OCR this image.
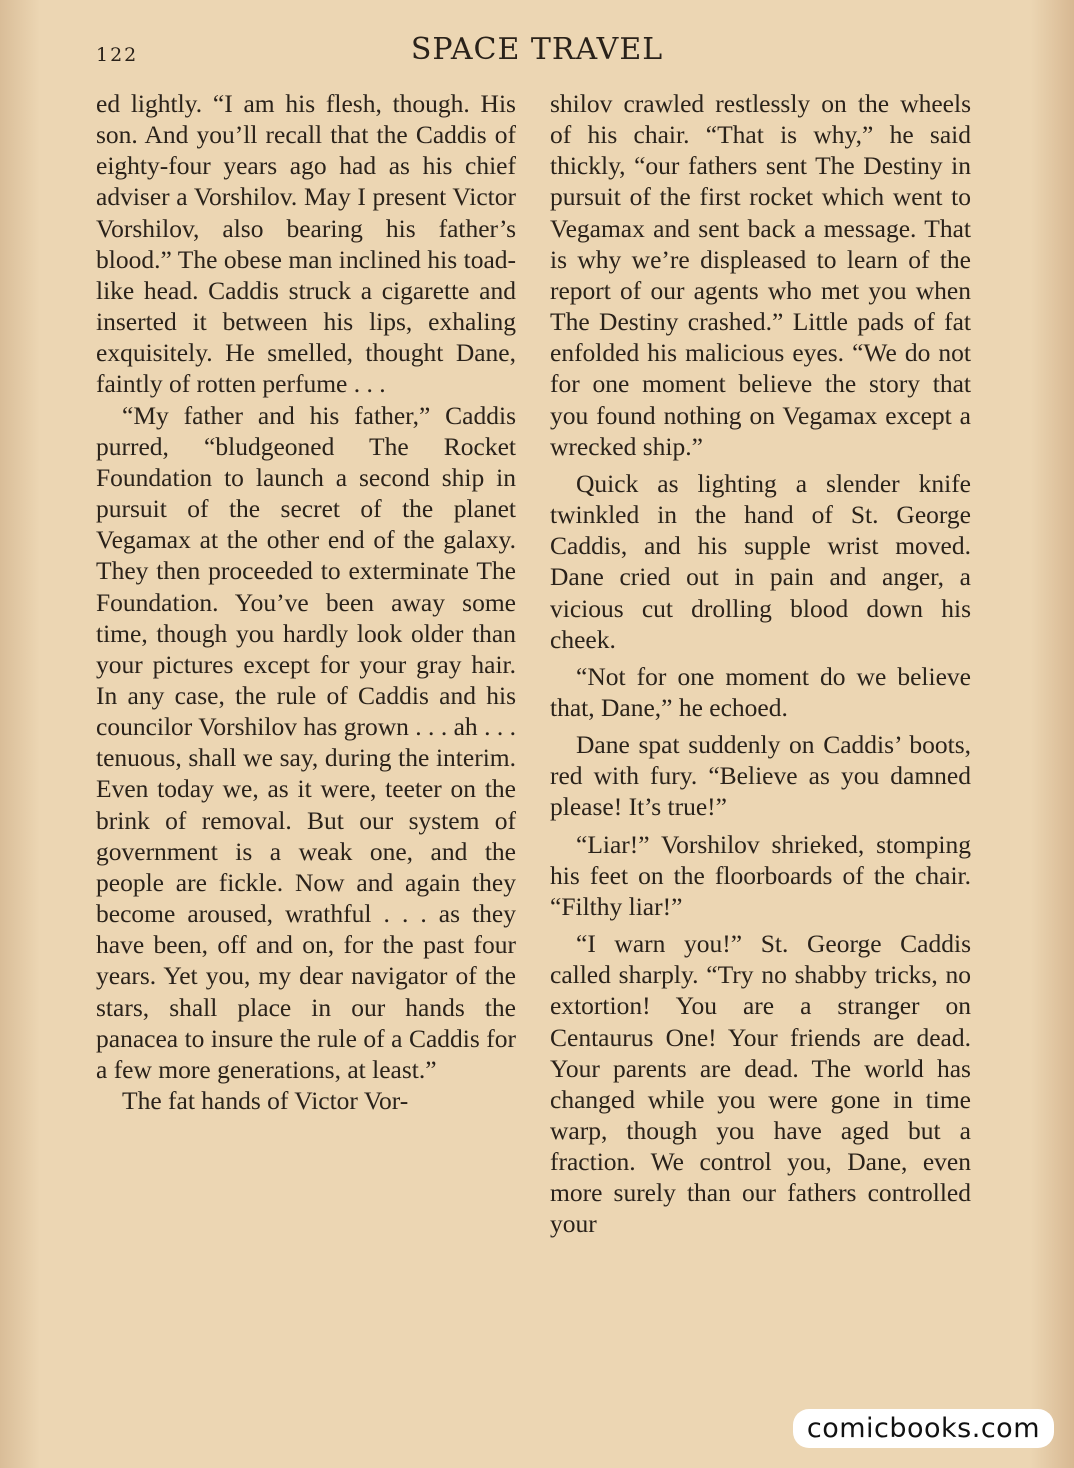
122	SPACE TRAVEL

ed lightly. “I am his flesh, though. His son. And you’ll recall that the Caddis of eighty-four years ago had as his chief adviser a Vorshilov. May I present Victor Vorshilov, also bearing his father’s blood.” The obese man inclined his toad-like head. Caddis struck a cigarette and inserted it between his lips, exhaling exquisitely. He smelled, thought Dane, faintly of rotten perfume . . .

“My father and his father,” Caddis purred, “bludgeoned The Rocket Foundation to launch a second ship in pursuit of the secret of the planet Vegamax at the other end of the galaxy. They then proceeded to exterminate The Foundation. You’ve been away some time, though you hardly look older than your pictures except for your gray hair. In any case, the rule of Caddis and his councilor Vorshilov has grown . . . ah . . . tenuous, shall we say, during the interim. Even today we, as it were, teeter on the brink of removal. But our system of government is a weak one, and the people are fickle. Now and again they become aroused, wrathful . . . as they have been, off and on, for the past four years. Yet you, my dear navigator of the stars, shall place in our hands the panacea to insure the rule of a Caddis for a few more generations, at least.”

The fat hands of Victor Vor-

shilov crawled restlessly on the wheels of his chair. “That is why,” he said thickly, “our fathers sent The Destiny in pursuit of the first rocket which went to Vegamax and sent back a message. That is why we’re displeased to learn of the report of our agents who met you when The Destiny crashed.” Little pads of fat enfolded his malicious eyes. “We do not for one moment believe the story that you found nothing on Vegamax except a wrecked ship.”

Quick as lighting a slender knife twinkled in the hand of St. George Caddis, and his supple wrist moved. Dane cried out in pain and anger, a vicious cut drolling blood down his cheek.

“Not for one moment do we believe that, Dane,” he echoed.

Dane spat suddenly on Caddis’ boots, red with fury. “Believe as you damned please! It’s true!”

“Liar!” Vorshilov shrieked, stomping his feet on the floorboards of the chair. “Filthy liar!”

“I warn you!” St. George Caddis called sharply. “Try no shabby tricks, no extortion! You are a stranger on Centaurus One! Your friends are dead. Your parents are dead. The world has changed while you were gone in time warp, though you have aged but a fraction. We control you, Dane, even more surely than our fathers controlled your

comicbooks.com
